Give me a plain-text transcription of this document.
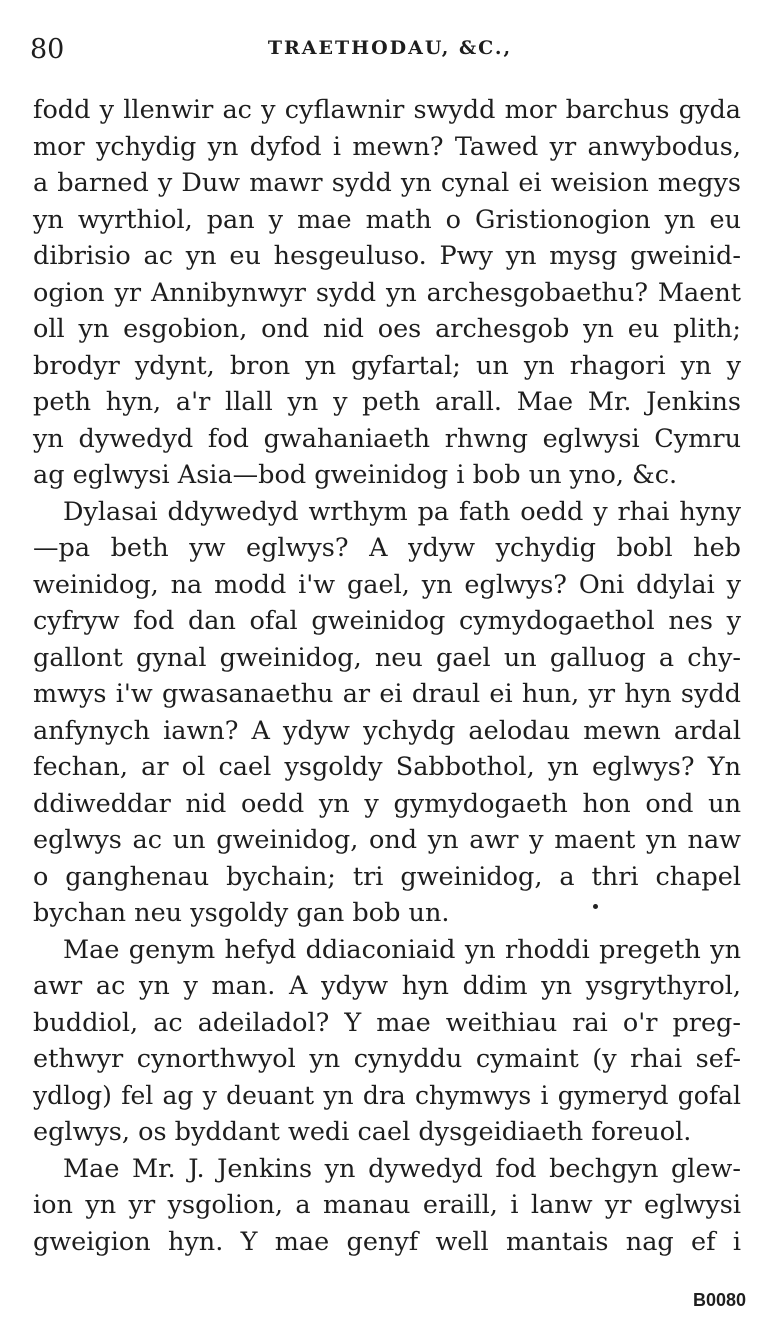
80	TRAETHODAU, &C.,
fodd y llenwir ac y cyflawnir swydd mor barchus gyda
mor ychydig yn dyfod i mewn? Tawed yr anwybodus,
a barned y Duw mawr sydd yn cynal ei weision megys
yn wyrthiol, pan y mae math o Gristionogion yn eu
dibrisio ac yn eu hesgeuluso. Pwy yn mysg gweinid-
ogion yr Annibynwyr sydd yn archesgobaethu? Maent
oll yn esgobion, ond nid oes archesgob yn eu plith;
brodyr ydynt, bron yn gyfartal; un yn rhagori yn y
peth hyn, a'r llall yn y peth arall. Mae Mr. Jenkins
yn dywedyd fod gwahaniaeth rhwng eglwysi Cymru
ag eglwysi Asia—bod gweinidog i bob un yno, &c.
Dylasai ddywedyd wrthym pa fath oedd y rhai hyny
—pa beth yw eglwys? A ydyw ychydig bobl heb
weinidog, na modd i'w gael, yn eglwys? Oni ddylai y
cyfryw fod dan ofal gweinidog cymydogaethol nes y
gallont gynal gweinidog, neu gael un galluog a chy-
mwys i'w gwasanaethu ar ei draul ei hun, yr hyn sydd
anfynych iawn? A ydyw ychydg aelodau mewn ardal
fechan, ar ol cael ysgoldy Sabbothol, yn eglwys? Yn
ddiweddar nid oedd yn y gymydogaeth hon ond un
eglwys ac un gweinidog, ond yn awr y maent yn naw
o ganghenau bychain; tri gweinidog, a thri chapel
bychan neu ysgoldy gan bob un.
Mae genym hefyd ddiaconiaid yn rhoddi pregeth yn
awr ac yn y man. A ydyw hyn ddim yn ysgrythyrol,
buddiol, ac adeiladol? Y mae weithiau rai o'r preg-
ethwyr cynorthwyol yn cynyddu cymaint (y rhai sef-
ydlog) fel ag y deuant yn dra chymwys i gymeryd gofal
eglwys, os byddant wedi cael dysgeidiaeth foreuol.
Mae Mr. J. Jenkins yn dywedyd fod bechgyn glew-
ion yn yr ysgolion, a manau eraill, i lanw yr eglwysi
gweigion hyn. Y mae genyf well mantais nag ef i
B0080
